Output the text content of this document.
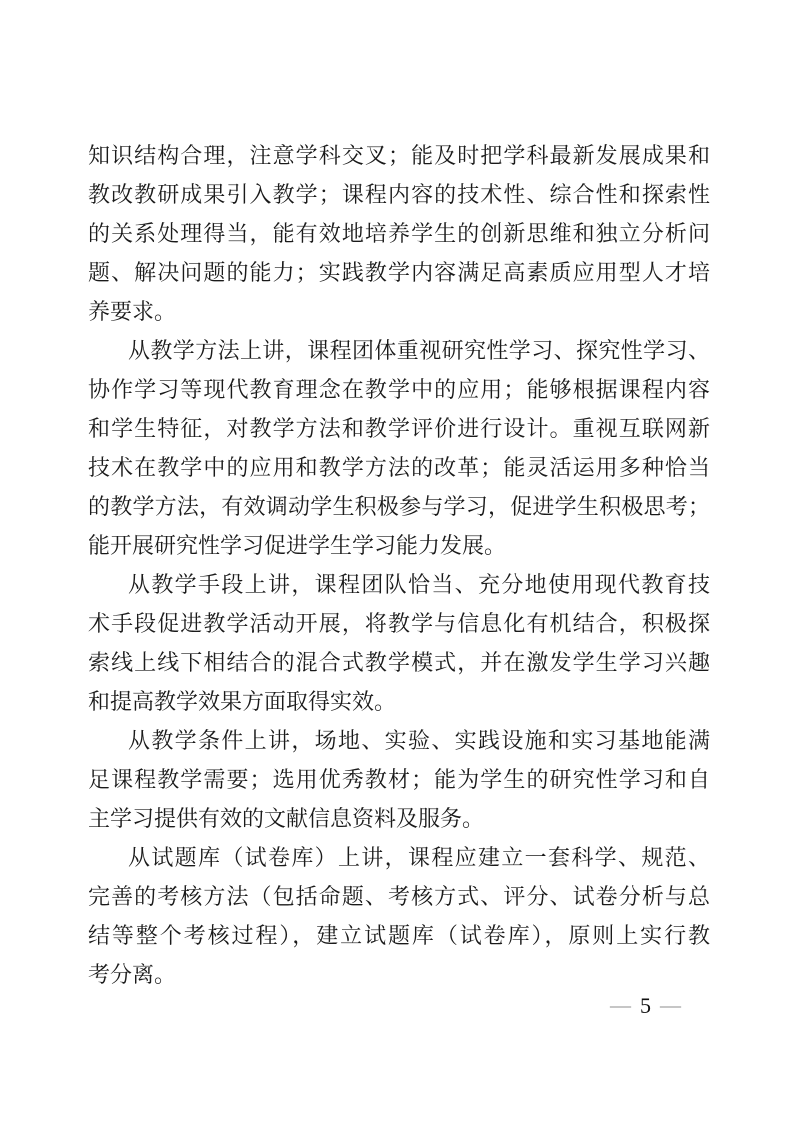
知识结构合理，注意学科交叉；能及时把学科最新发展成果和
教改教研成果引入教学；课程内容的技术性、综合性和探索性
的关系处理得当，能有效地培养学生的创新思维和独立分析问
题、解决问题的能力；实践教学内容满足高素质应用型人才培
养要求。

从教学方法上讲，课程团体重视研究性学习、探究性学习、
协作学习等现代教育理念在教学中的应用；能够根据课程内容
和学生特征，对教学方法和教学评价进行设计。重视互联网新
技术在教学中的应用和教学方法的改革；能灵活运用多种恰当
的教学方法，有效调动学生积极参与学习，促进学生积极思考；
能开展研究性学习促进学生学习能力发展。

从教学手段上讲，课程团队恰当、充分地使用现代教育技
术手段促进教学活动开展，将教学与信息化有机结合，积极探
索线上线下相结合的混合式教学模式，并在激发学生学习兴趣
和提高教学效果方面取得实效。

从教学条件上讲，场地、实验、实践设施和实习基地能满
足课程教学需要；选用优秀教材；能为学生的研究性学习和自
主学习提供有效的文献信息资料及服务。

从试题库（试卷库）上讲，课程应建立一套科学、规范、
完善的考核方法（包括命题、考核方式、评分、试卷分析与总
结等整个考核过程），建立试题库（试卷库），原则上实行教
考分离。

— 5 —
